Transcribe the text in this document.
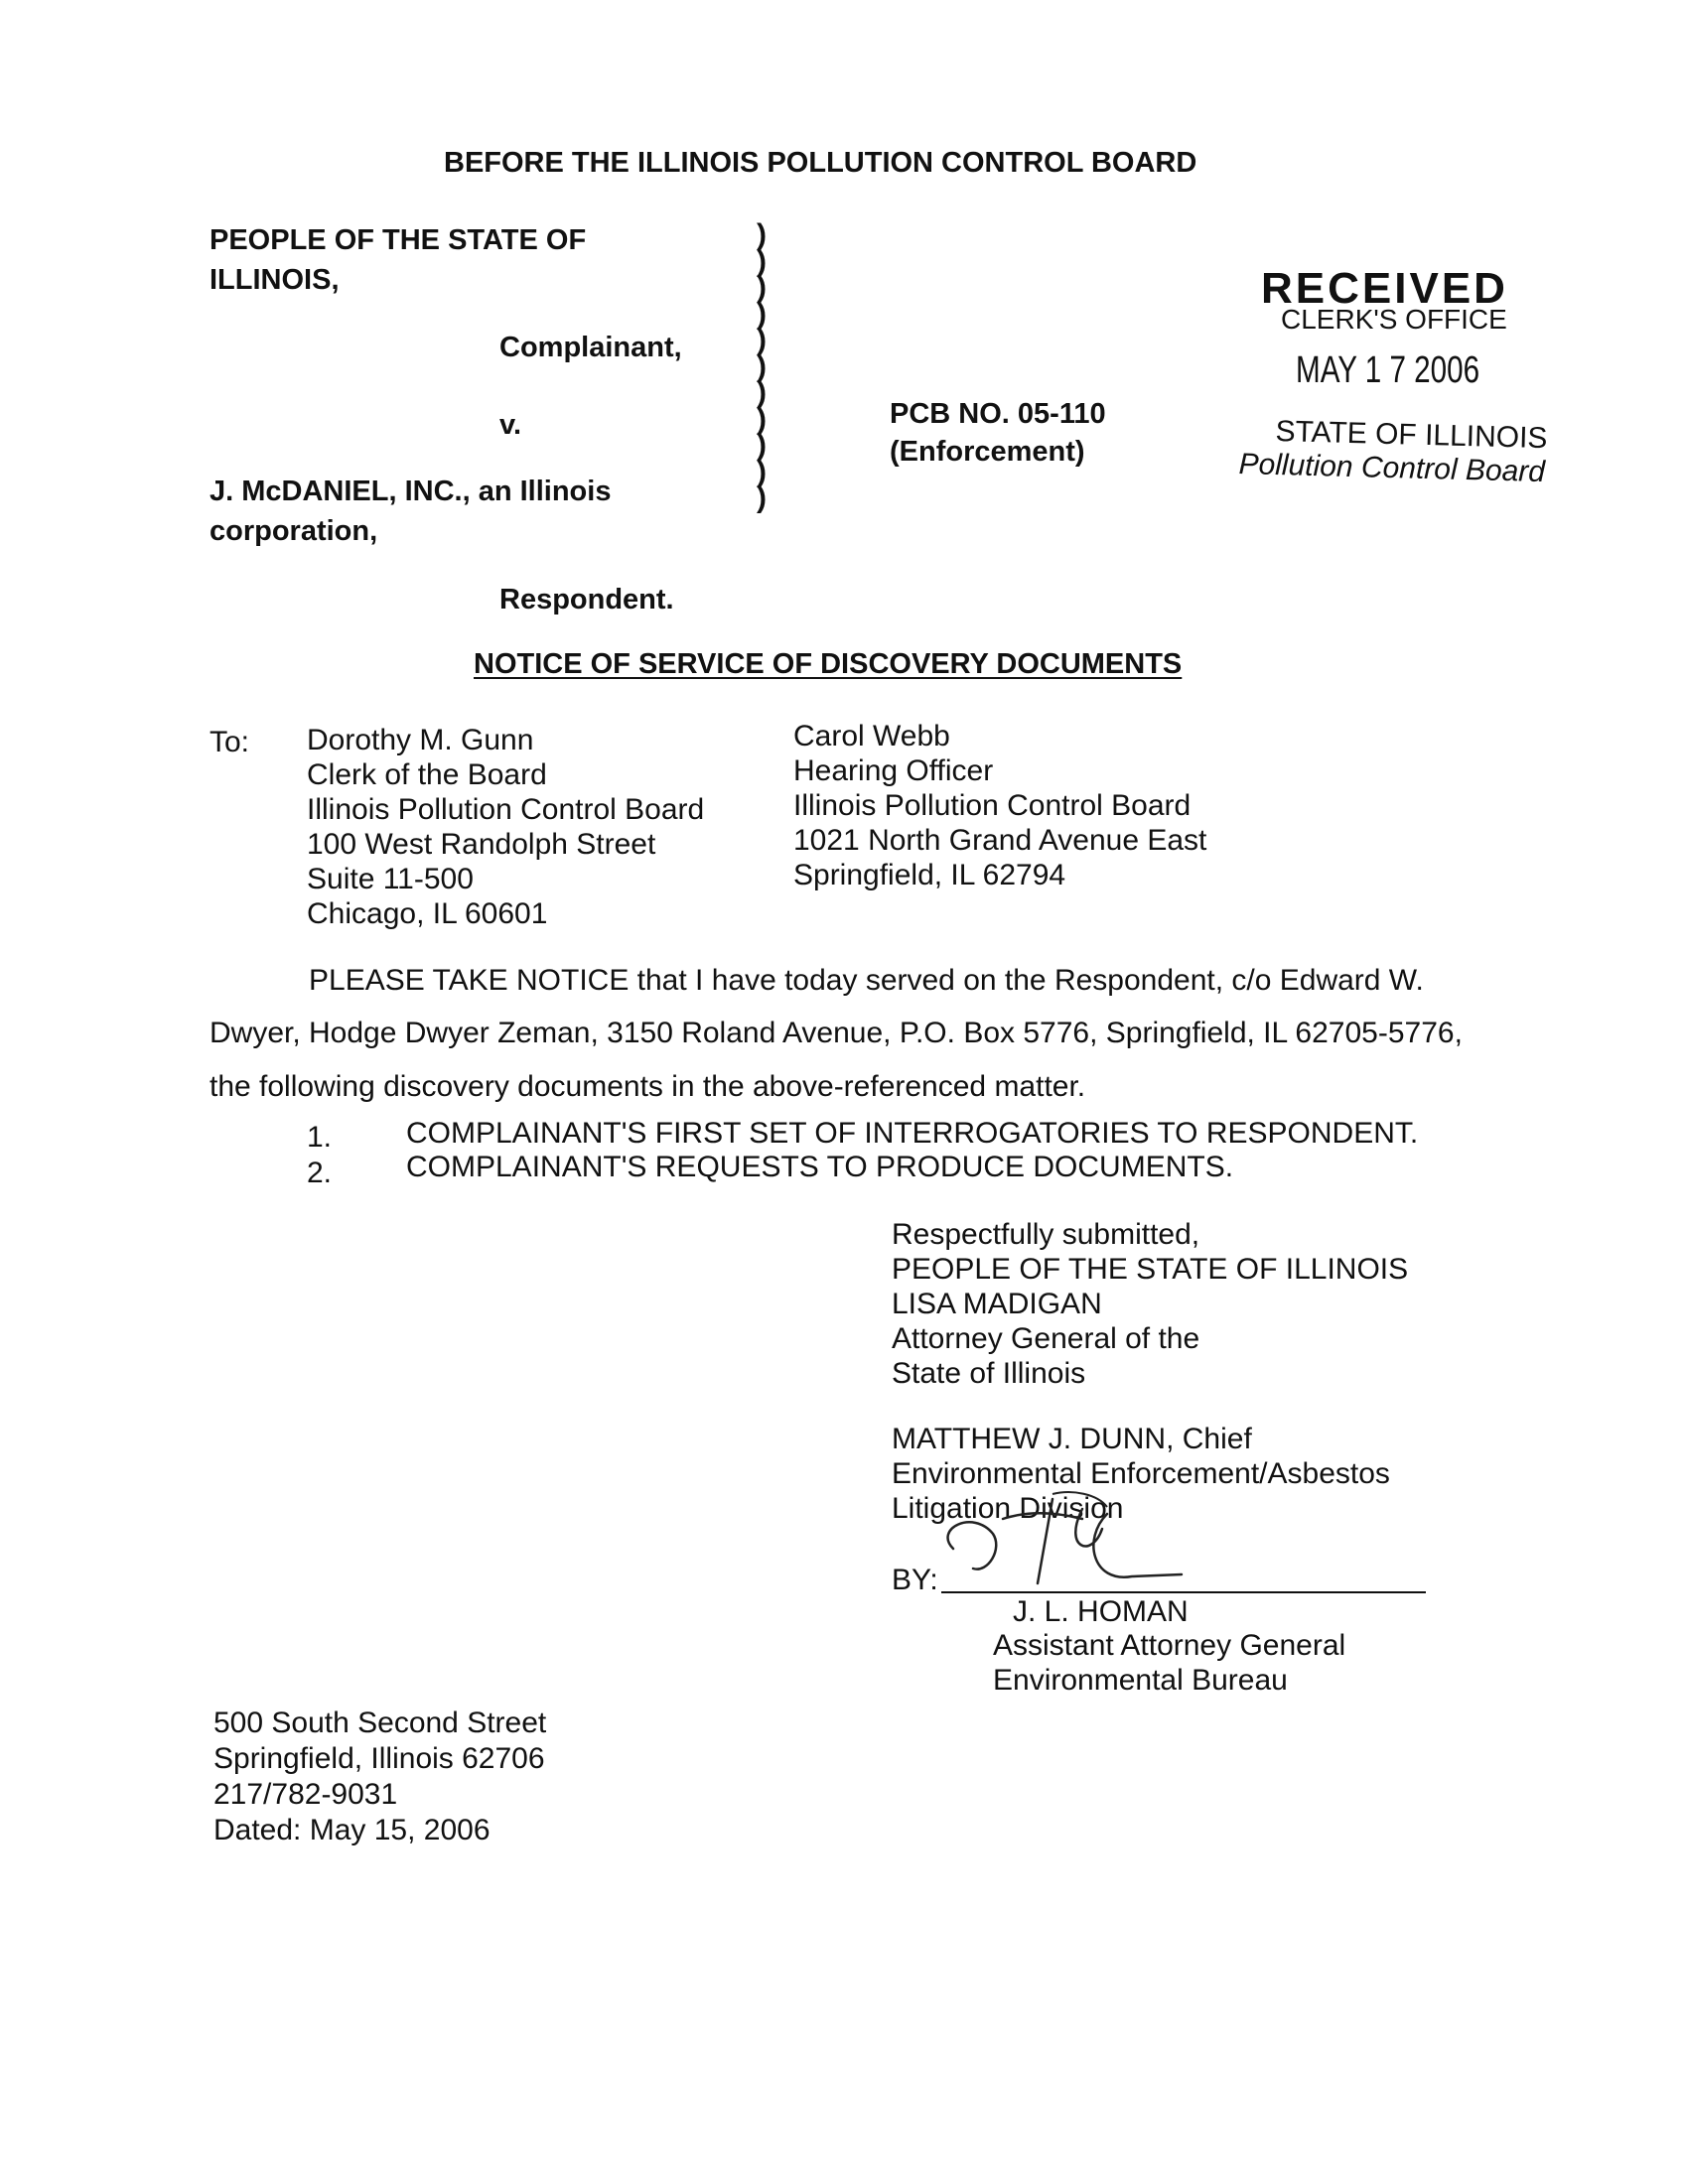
BEFORE THE ILLINOIS POLLUTION CONTROL BOARD
PEOPLE OF THE STATE OF
ILLINOIS,
Complainant,
v.
J. McDANIEL, INC., an Illinois
corporation,
Respondent.
)
)
)
)
)
)
)
)
)
)
)
PCB NO. 05-110
(Enforcement)
RECEIVED
CLERK'S OFFICE
MAY 1 7 2006
STATE OF ILLINOIS
Pollution Control Board
NOTICE OF SERVICE OF DISCOVERY DOCUMENTS
To: Dorothy M. Gunn
Clerk of the Board
Illinois Pollution Control Board
100 West Randolph Street
Suite 11-500
Chicago, IL 60601
Carol Webb
Hearing Officer
Illinois Pollution Control Board
1021 North Grand Avenue East
Springfield, IL 62794
PLEASE TAKE NOTICE that I have today served on the Respondent, c/o Edward W.
Dwyer, Hodge Dwyer Zeman, 3150 Roland Avenue, P.O. Box 5776, Springfield, IL 62705-5776,
the following discovery documents in the above-referenced matter.
1. COMPLAINANT'S FIRST SET OF INTERROGATORIES TO RESPONDENT.
2. COMPLAINANT'S REQUESTS TO PRODUCE DOCUMENTS.
Respectfully submitted,
PEOPLE OF THE STATE OF ILLINOIS
LISA MADIGAN
Attorney General of the
State of Illinois
MATTHEW J. DUNN, Chief
Environmental Enforcement/Asbestos
Litigation Division
BY:
J. L. HOMAN
Assistant Attorney General
Environmental Bureau
500 South Second Street
Springfield, Illinois 62706
217/782-9031
Dated: May 15, 2006
